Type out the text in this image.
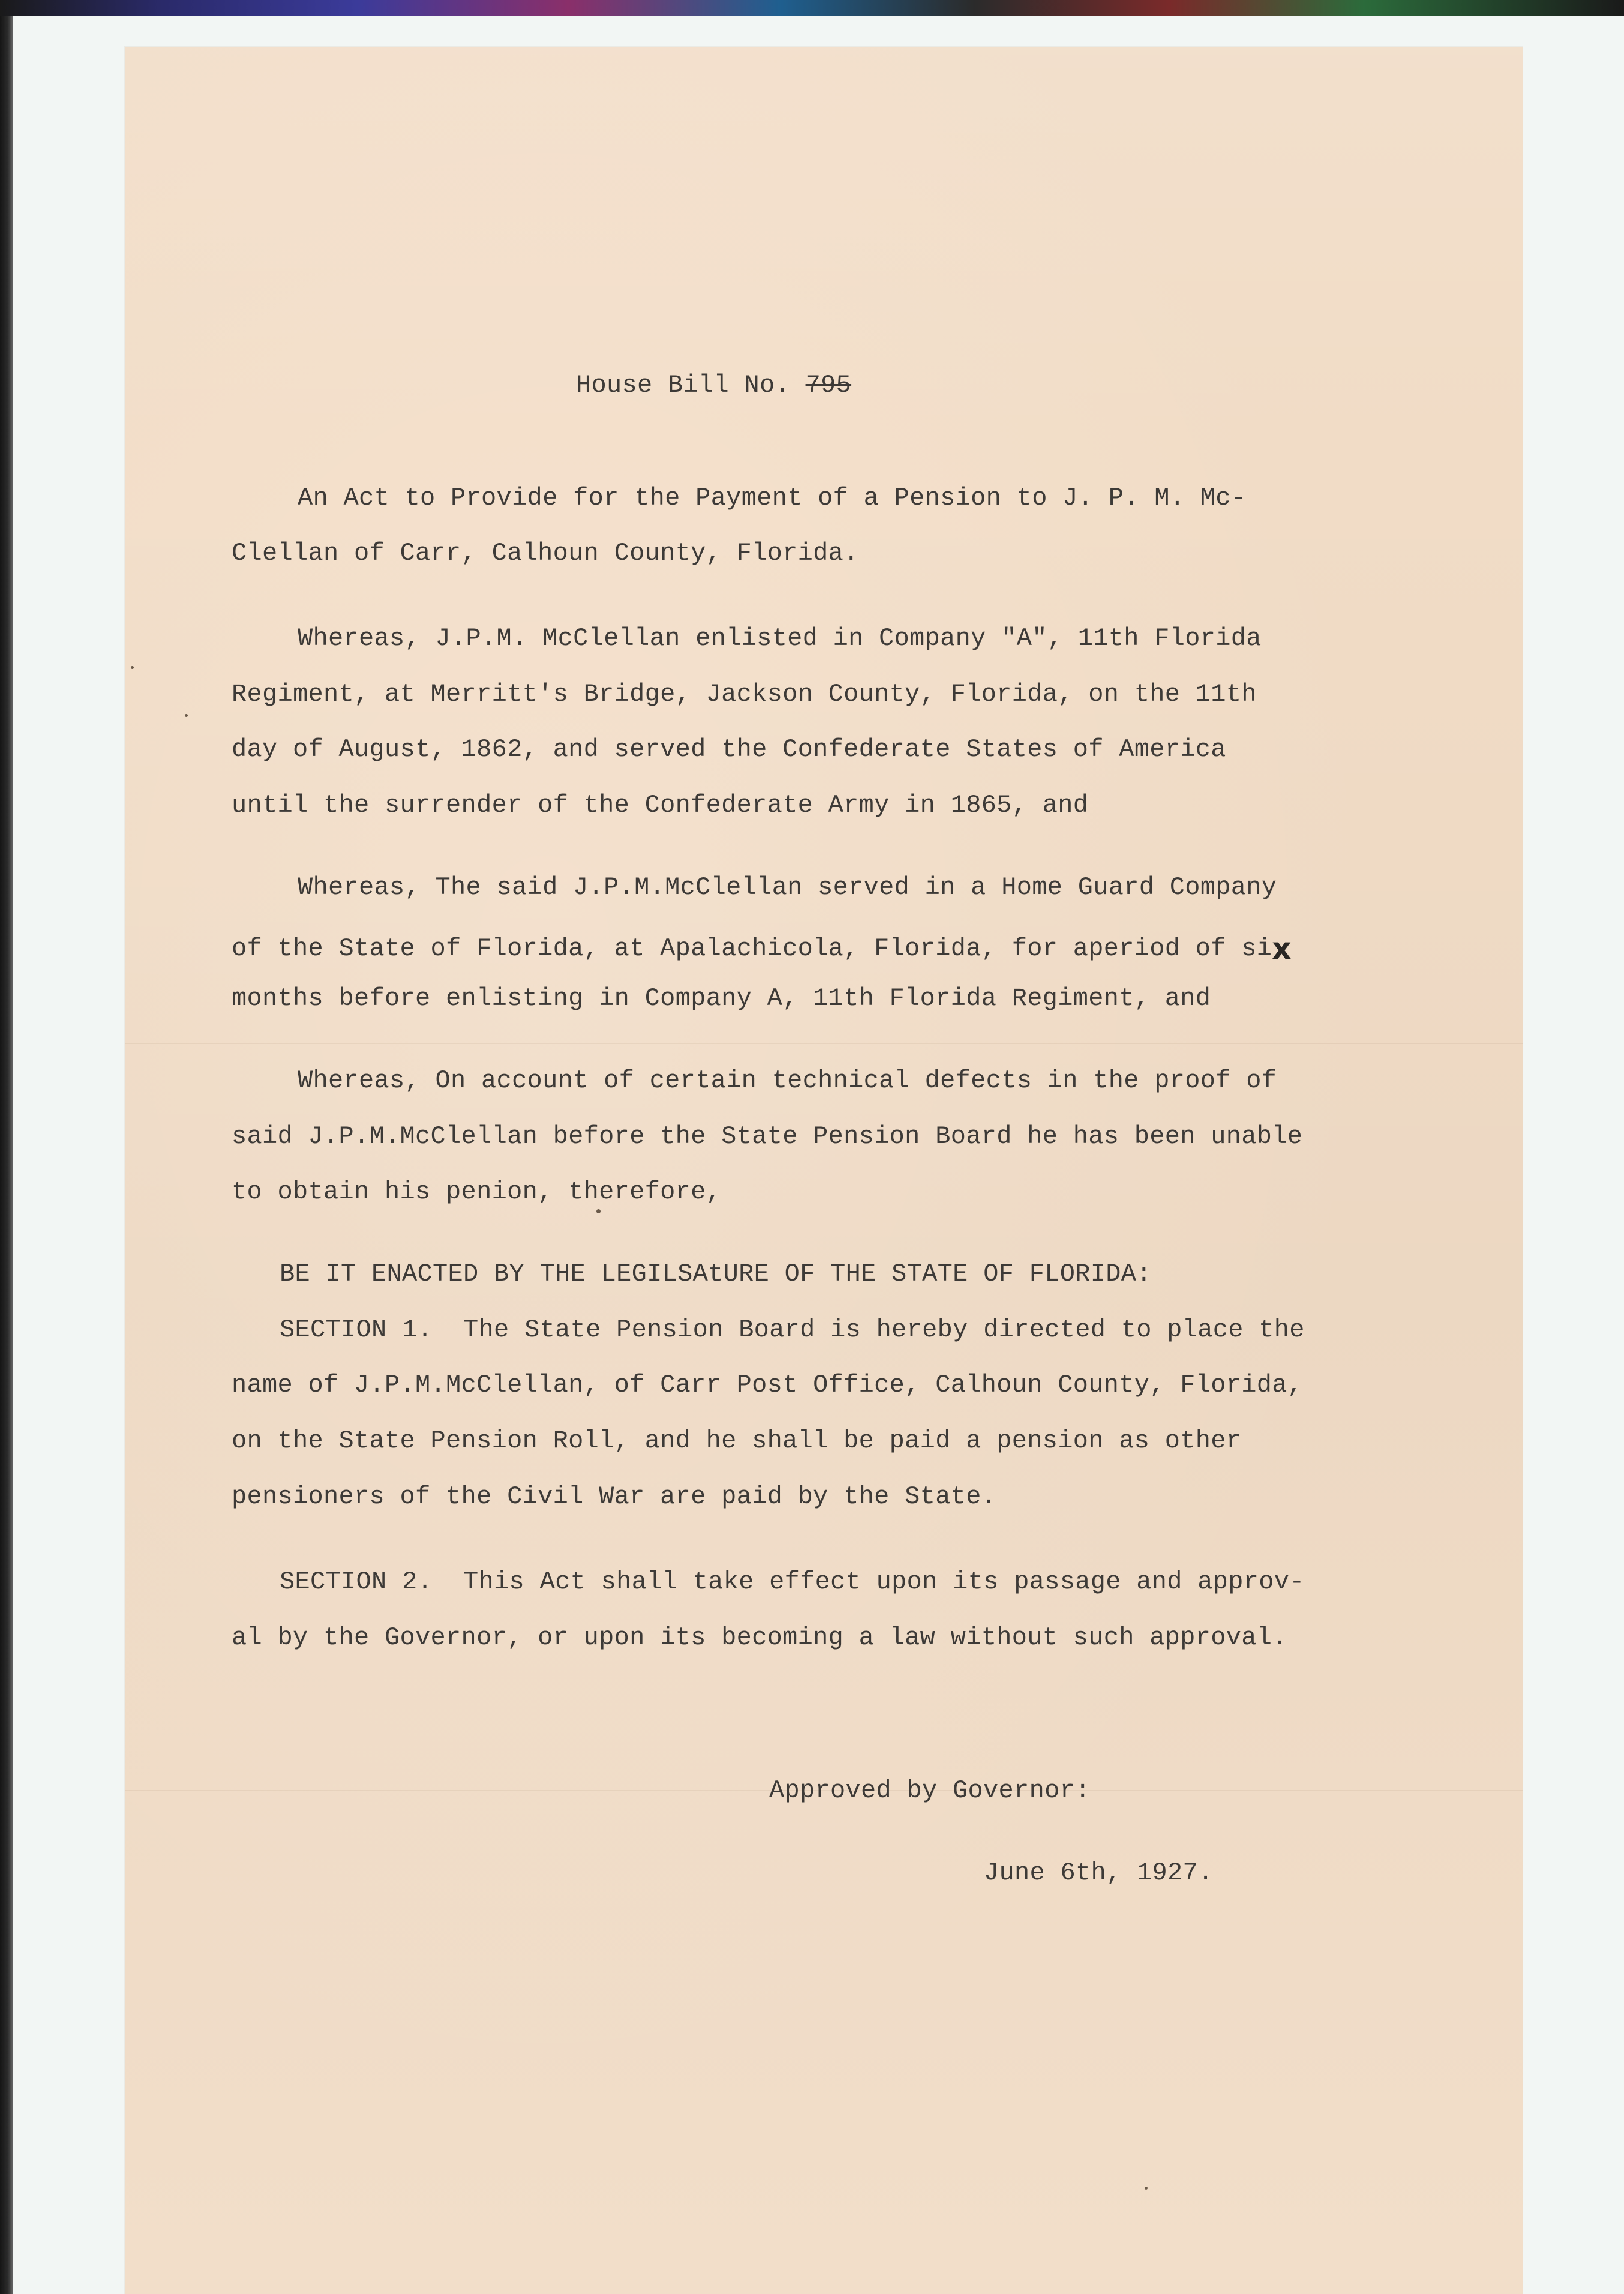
House Bill No. 795

An Act to Provide for the Payment of a Pension to J. P. M. Mc-

Clellan of Carr, Calhoun County, Florida.

Whereas, J.P.M. McClellan enlisted in Company "A", 11th Florida

Regiment, at Merritt's Bridge, Jackson County, Florida, on the 11th

day of August, 1862, and served the Confederate States of America

until the surrender of the Confederate Army in 1865, and

Whereas, The said J.P.M.McClellan served in a Home Guard Company

of the State of Florida, at Apalachicola, Florida, for aperiod of six

months before enlisting in Company A, 11th Florida Regiment, and

Whereas, On account of certain technical defects in the proof of

said J.P.M.McClellan before the State Pension Board he has been unable

to obtain his penion, therefore,

BE IT ENACTED BY THE LEGILSAtURE OF THE STATE OF FLORIDA:

SECTION 1.  The State Pension Board is hereby directed to place the

name of J.P.M.McClellan, of Carr Post Office, Calhoun County, Florida,

on the State Pension Roll, and he shall be paid a pension as other

pensioners of the Civil War are paid by the State.

SECTION 2.  This Act shall take effect upon its passage and approv-

al by the Governor, or upon its becoming a law without such approval.

Approved by Governor:

June 6th, 1927.
